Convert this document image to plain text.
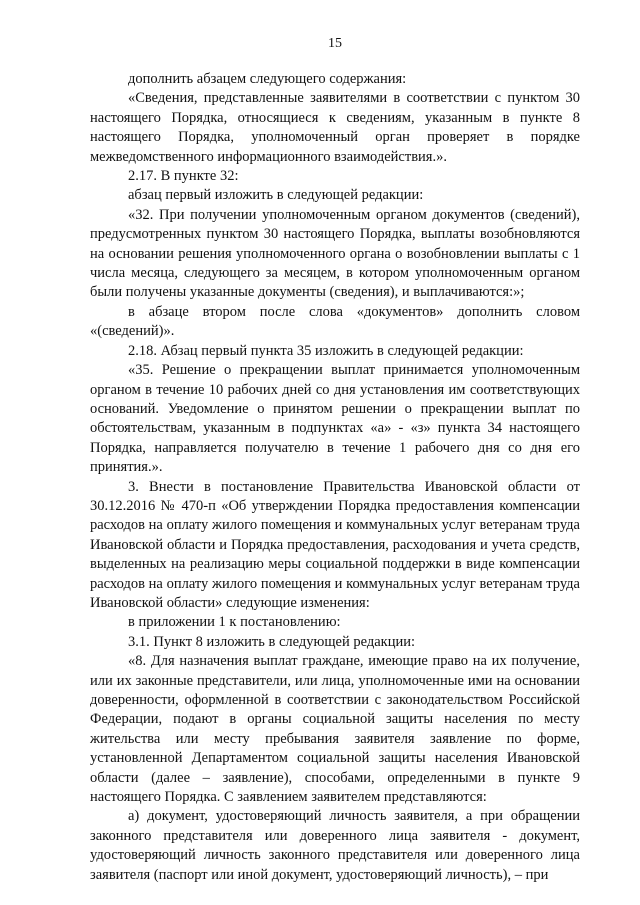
15

дополнить абзацем следующего содержания:

«Сведения, представленные заявителями в соответствии с пунктом 30 настоящего Порядка, относящиеся к сведениям, указанным в пункте 8 настоящего Порядка, уполномоченный орган проверяет в порядке межведомственного информационного взаимодействия.».

2.17. В пункте 32:

абзац первый изложить в следующей редакции:

«32. При получении уполномоченным органом документов (сведений), предусмотренных пунктом 30 настоящего Порядка, выплаты возобновляются на основании решения уполномоченного органа о возобновлении выплаты с 1 числа месяца, следующего за месяцем, в котором уполномоченным органом были получены указанные документы (сведения), и выплачиваются:»;

в абзаце втором после слова «документов» дополнить словом «(сведений)».

2.18. Абзац первый пункта 35 изложить в следующей редакции:

«35. Решение о прекращении выплат принимается уполномоченным органом в течение 10 рабочих дней со дня установления им соответствующих оснований. Уведомление о принятом решении о прекращении выплат по обстоятельствам, указанным в подпунктах «а» - «з» пункта 34 настоящего Порядка, направляется получателю в течение 1 рабочего дня со дня его принятия.».

3. Внести в постановление Правительства Ивановской области от 30.12.2016 № 470-п «Об утверждении Порядка предоставления компенсации расходов на оплату жилого помещения и коммунальных услуг ветеранам труда Ивановской области и Порядка предоставления, расходования и учета средств, выделенных на реализацию меры социальной поддержки в виде компенсации расходов на оплату жилого помещения и коммунальных услуг ветеранам труда Ивановской области» следующие изменения:

в приложении 1 к постановлению:

3.1. Пункт 8 изложить в следующей редакции:

«8. Для назначения выплат граждане, имеющие право на их получение, или их законные представители, или лица, уполномоченные ими на основании доверенности, оформленной в соответствии с законодательством Российской Федерации, подают в органы социальной защиты населения по месту жительства или месту пребывания заявителя заявление по форме, установленной Департаментом социальной защиты населения Ивановской области (далее – заявление), способами, определенными в пункте 9 настоящего Порядка. С заявлением заявителем представляются:

а) документ, удостоверяющий личность заявителя, а при обращении законного представителя или доверенного лица заявителя - документ, удостоверяющий личность законного представителя или доверенного лица заявителя (паспорт или иной документ, удостоверяющий личность), – при
